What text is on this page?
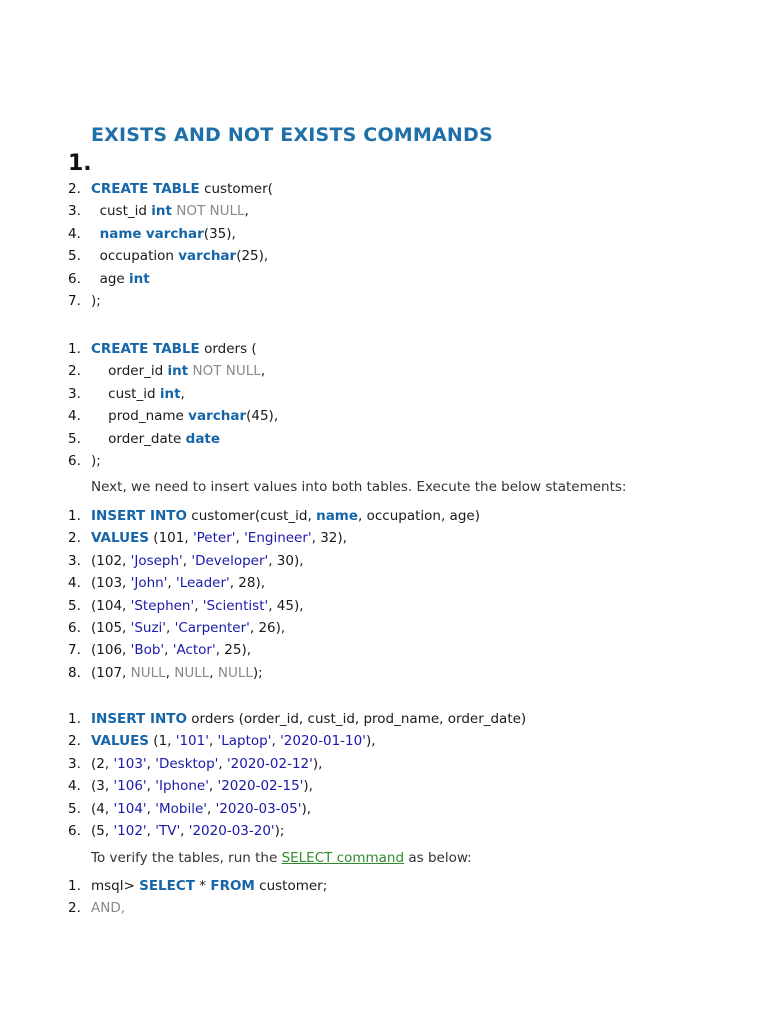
EXISTS AND NOT EXISTS COMMANDS
1.
2. CREATE TABLE customer(
3. cust_id int NOT NULL,
4.	name varchar(35),
5. occupation varchar(25),
6. age int
7. );
1. CREATE TABLE orders (
2. order_id int NOT NULL,
3. cust_id int,
4. prod_name varchar(45),
5. order_date date
6. );
Next, we need to insert values into both tables. Execute the below statements:
1. INSERT INTO customer(cust_id, name, occupation, age)
2. VALUES (101, 'Peter', 'Engineer', 32),
3. (102, 'Joseph', 'Developer', 30),
4. (103, 'John', 'Leader', 28),
5. (104, 'Stephen', 'Scientist', 45),
6. (105, 'Suzi', 'Carpenter', 26),
7. (106, 'Bob', 'Actor', 25),
8. (107, NULL, NULL, NULL);
1. INSERT INTO orders (order_id, cust_id, prod_name, order_date)
2. VALUES (1, '101', 'Laptop', '2020-01-10'),
3. (2, '103', 'Desktop', '2020-02-12'),
4. (3, '106', 'Iphone', '2020-02-15'),
5. (4, '104', 'Mobile', '2020-03-05'),
6. (5, '102', 'TV', '2020-03-20');
To verify the tables, run the SELECT command as below:
1. msql> SELECT * FROM customer;
2. AND,
